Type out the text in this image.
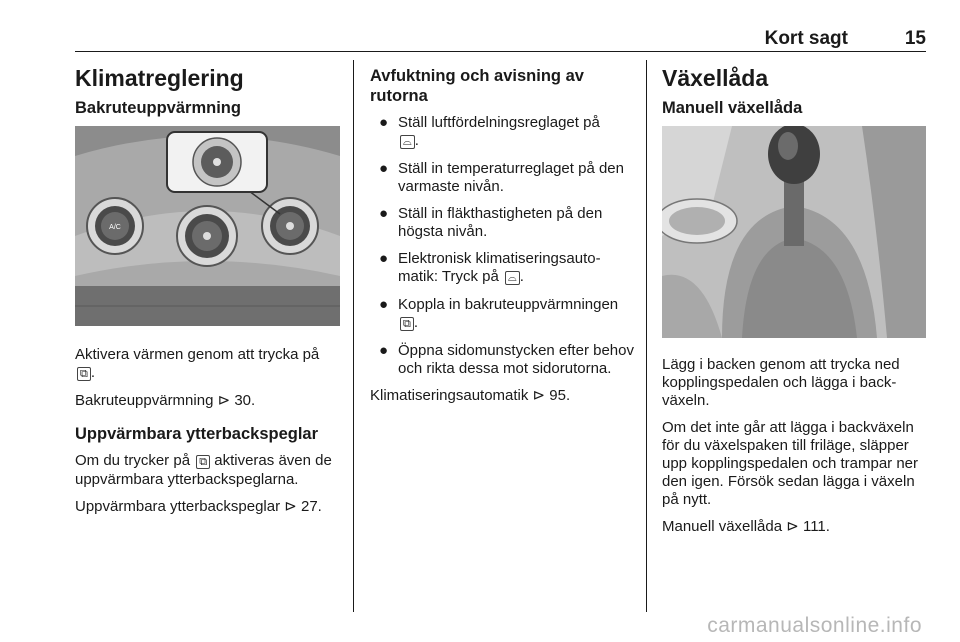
Kort sagt	15
Klimatreglering
Bakruteuppvärmning
A/C
Aktivera värmen genom att trycka på
⧉ .
Bakruteuppvärmning ⊳ 30.
Uppvärmbara ytterbackspeglar
Om du trycker på ⧉ aktiveras även de uppvärmbara ytterbackspeglarna.
Uppvärmbara ytterbackspeglar ⊳ 27.
Avfuktning och avisning av rutorna
● Ställ luftfördelningsreglaget på
⌓ .
● Ställ in temperaturreglaget på den varmaste nivån.
● Ställ in fläkthastigheten på den högsta nivån.
● Elektronisk klimatiseringsautomatik: Tryck på ⌓ .
● Koppla in bakruteuppvärmningen ⧉ .
● Öppna sidomunstycken efter behov och rikta dessa mot sidorutorna.
Klimatiseringsautomatik ⊳ 95.
Växellåda
Manuell växellåda
Lägg i backen genom att trycka ned kopplingspedalen och lägga i backväxeln.
Om det inte går att lägga i backväxeln för du växelspaken till friläge, släpper upp kopplingspedalen och trampar ner den igen. Försök sedan lägga i växeln på nytt.
Manuell växellåda ⊳ 111.
carmanualsonline.info
